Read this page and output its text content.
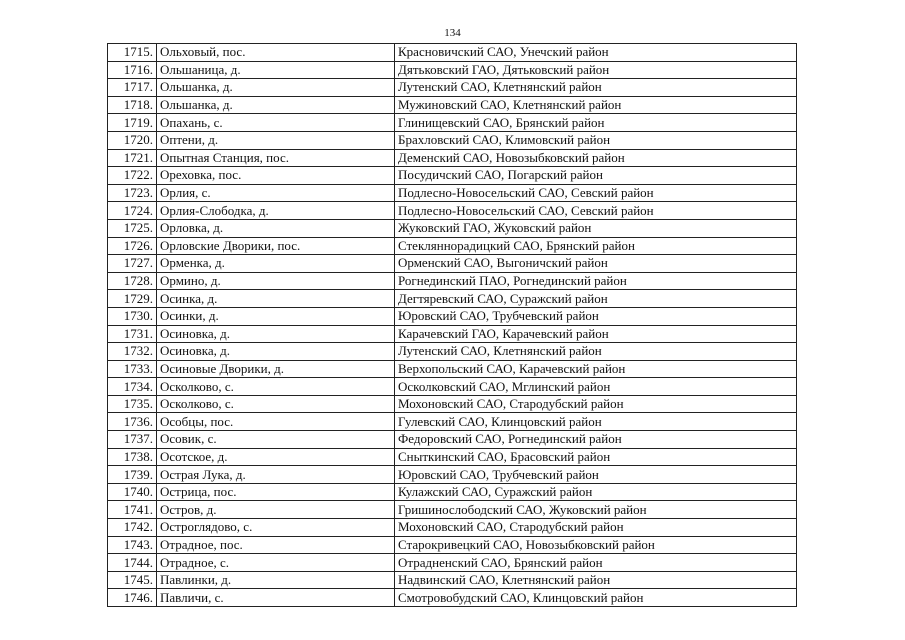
134
1715.	Ольховый, пос.	Красновичский САО, Унечский район
1716.	Ольшаница, д.	Дятьковский ГАО, Дятьковский район
1717.	Ольшанка, д.	Лутенский САО, Клетнянский район
1718.	Ольшанка, д.	Мужиновский САО, Клетнянский район
1719.	Опахань, с.	Глинищевский САО, Брянский район
1720.	Оптени, д.	Брахловский САО, Климовский район
1721.	Опытная Станция, пос.	Деменский САО, Новозыбковский район
1722.	Ореховка, пос.	Посудичский САО, Погарский район
1723.	Орлия, с.	Подлесно-Новосельский САО, Севский район
1724.	Орлия-Слободка, д.	Подлесно-Новосельский САО, Севский район
1725.	Орловка, д.	Жуковский ГАО, Жуковский район
1726.	Орловские Дворики, пос.	Стекляннорадицкий САО, Брянский район
1727.	Орменка, д.	Орменский САО, Выгоничский район
1728.	Ормино, д.	Рогнединский ПАО, Рогнединский район
1729.	Осинка, д.	Дегтяревский САО, Суражский район
1730.	Осинки, д.	Юровский САО, Трубчевский район
1731.	Осиновка, д.	Карачевский ГАО, Карачевский район
1732.	Осиновка, д.	Лутенский САО, Клетнянский район
1733.	Осиновые Дворики, д.	Верхопольский САО, Карачевский район
1734.	Осколково, с.	Осколковский САО, Мглинский район
1735.	Осколково, с.	Мохоновский САО, Стародубский район
1736.	Особцы, пос.	Гулевский САО, Клинцовский район
1737.	Осовик, с.	Федоровский САО, Рогнединский район
1738.	Осотское, д.	Сныткинский САО, Брасовский район
1739.	Острая Лука, д.	Юровский САО, Трубчевский район
1740.	Острица, пос.	Кулажский САО, Суражский район
1741.	Остров, д.	Гришинослободский САО, Жуковский район
1742.	Остроглядово, с.	Мохоновский САО, Стародубский район
1743.	Отрадное, пос.	Старокривецкий САО, Новозыбковский район
1744.	Отрадное, с.	Отрадненский САО, Брянский район
1745.	Павлинки, д.	Надвинский САО, Клетнянский район
1746.	Павличи, с.	Смотровобудский САО, Клинцовский район
